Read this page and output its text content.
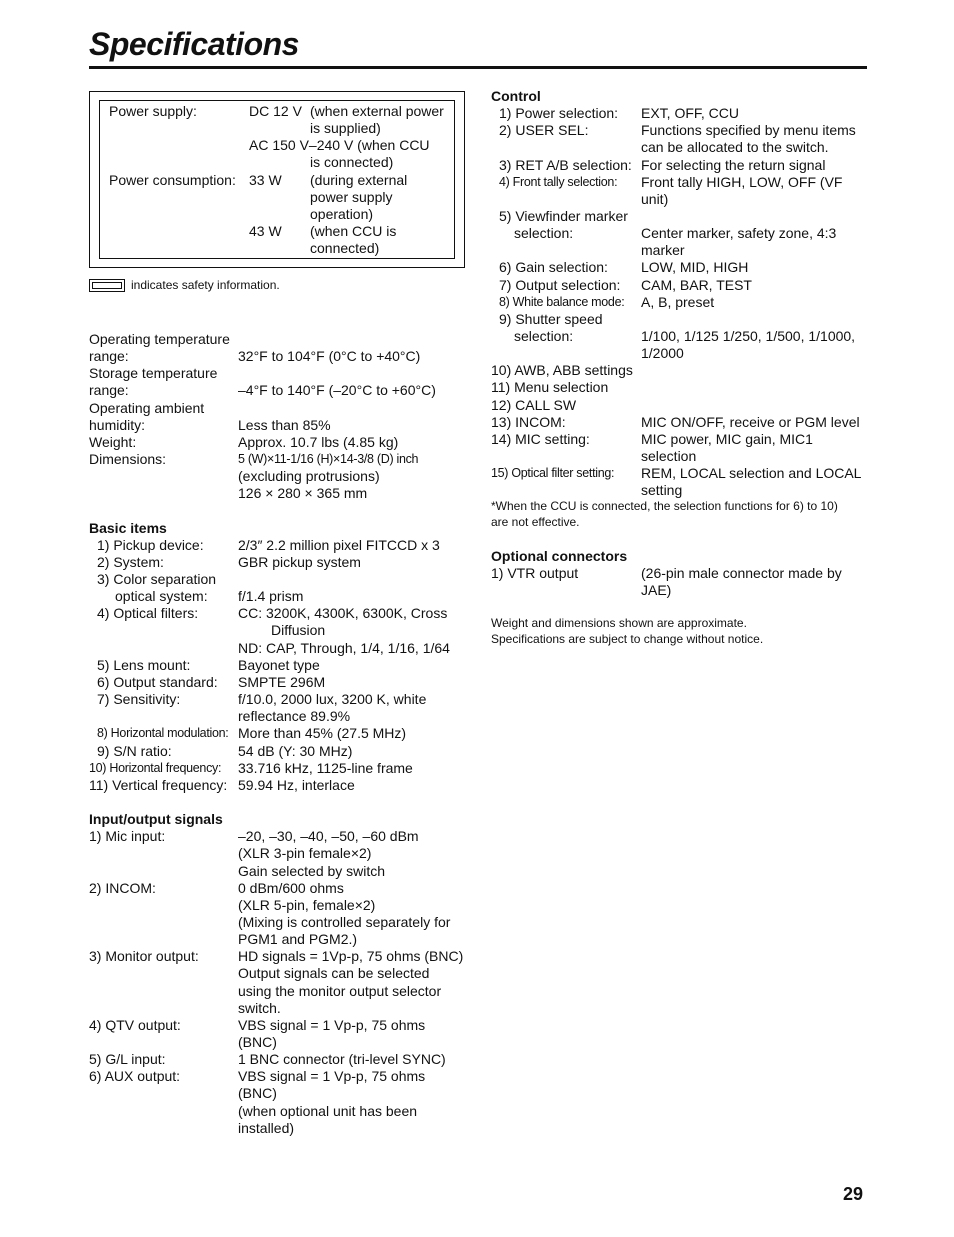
Specifications
Power supply:	DC 12 V (when external power
is supplied)
AC 150 V–240 V (when CCU
is connected)
Power consumption: 33 W (during external
power supply
operation)
43 W (when CCU is
connected)
indicates safety information.
Operating temperature
range:	32°F to 104°F (0°C to +40°C)
Storage temperature
range:	–4°F to 140°F (–20°C to +60°C)
Operating ambient
humidity:	Less than 85%
Weight:	Approx. 10.7 lbs (4.85 kg)
Dimensions:	5 (W)×11-1/16 (H)×14-3/8 (D) inch
(excluding protrusions)
126 × 280 × 365 mm
Basic items
1) Pickup device: 2/3″ 2.2 million pixel FITCCD x 3
2) System:	GBR pickup system
3) Color separation
optical system: f/1.4 prism
4) Optical filters:	CC: 3200K, 4300K, 6300K, Cross
Diffusion
ND: CAP, Through, 1/4, 1/16, 1/64
5) Lens mount:	Bayonet type
6) Output standard: SMPTE 296M
7) Sensitivity:	f/10.0, 2000 lux, 3200 K, white
reflectance 89.9%
8) Horizontal modulation: More than 45% (27.5 MHz)
9) S/N ratio:	54 dB (Y: 30 MHz)
10) Horizontal frequency: 33.716 kHz, 1125-line frame
11) Vertical frequency: 59.94 Hz, interlace
Input/output signals
1) Mic input:	–20, –30, –40, –50, –60 dBm
(XLR 3-pin female×2)
Gain selected by switch
2) INCOM:	0 dBm/600 ohms
(XLR 5-pin, female×2)
(Mixing is controlled separately for
PGM1 and PGM2.)
3) Monitor output:	HD signals = 1Vp-p, 75 ohms (BNC)
Output signals can be selected
using the monitor output selector
switch.
4) QTV output:	VBS signal = 1 Vp-p, 75 ohms
(BNC)
5) G/L input:	1 BNC connector (tri-level SYNC)
6) AUX output:	VBS signal = 1 Vp-p, 75 ohms
(BNC)
(when optional unit has been
installed)
Control
1) Power selection: EXT, OFF, CCU
2) USER SEL:	Functions specified by menu items
can be allocated to the switch.
3) RET A/B selection: For selecting the return signal
4) Front tally selection: Front tally HIGH, LOW, OFF (VF
unit)
5) Viewfinder marker
selection:	Center marker, safety zone, 4:3
marker
6) Gain selection: LOW, MID, HIGH
7) Output selection: CAM, BAR, TEST
8) White balance mode: A, B, preset
9) Shutter speed
selection:	1/100, 1/125 1/250, 1/500, 1/1000,
1/2000
10) AWB, ABB settings
11) Menu selection
12) CALL SW
13) INCOM:	MIC ON/OFF, receive or PGM level
14) MIC setting:	MIC power, MIC gain, MIC1
selection
15) Optical filter setting: REM, LOCAL selection and LOCAL
setting
*When the CCU is connected, the selection functions for 6) to 10)
are not effective.
Optional connectors
1) VTR output	(26-pin male connector made by
JAE)
Weight and dimensions shown are approximate.
Specifications are subject to change without notice.
29
